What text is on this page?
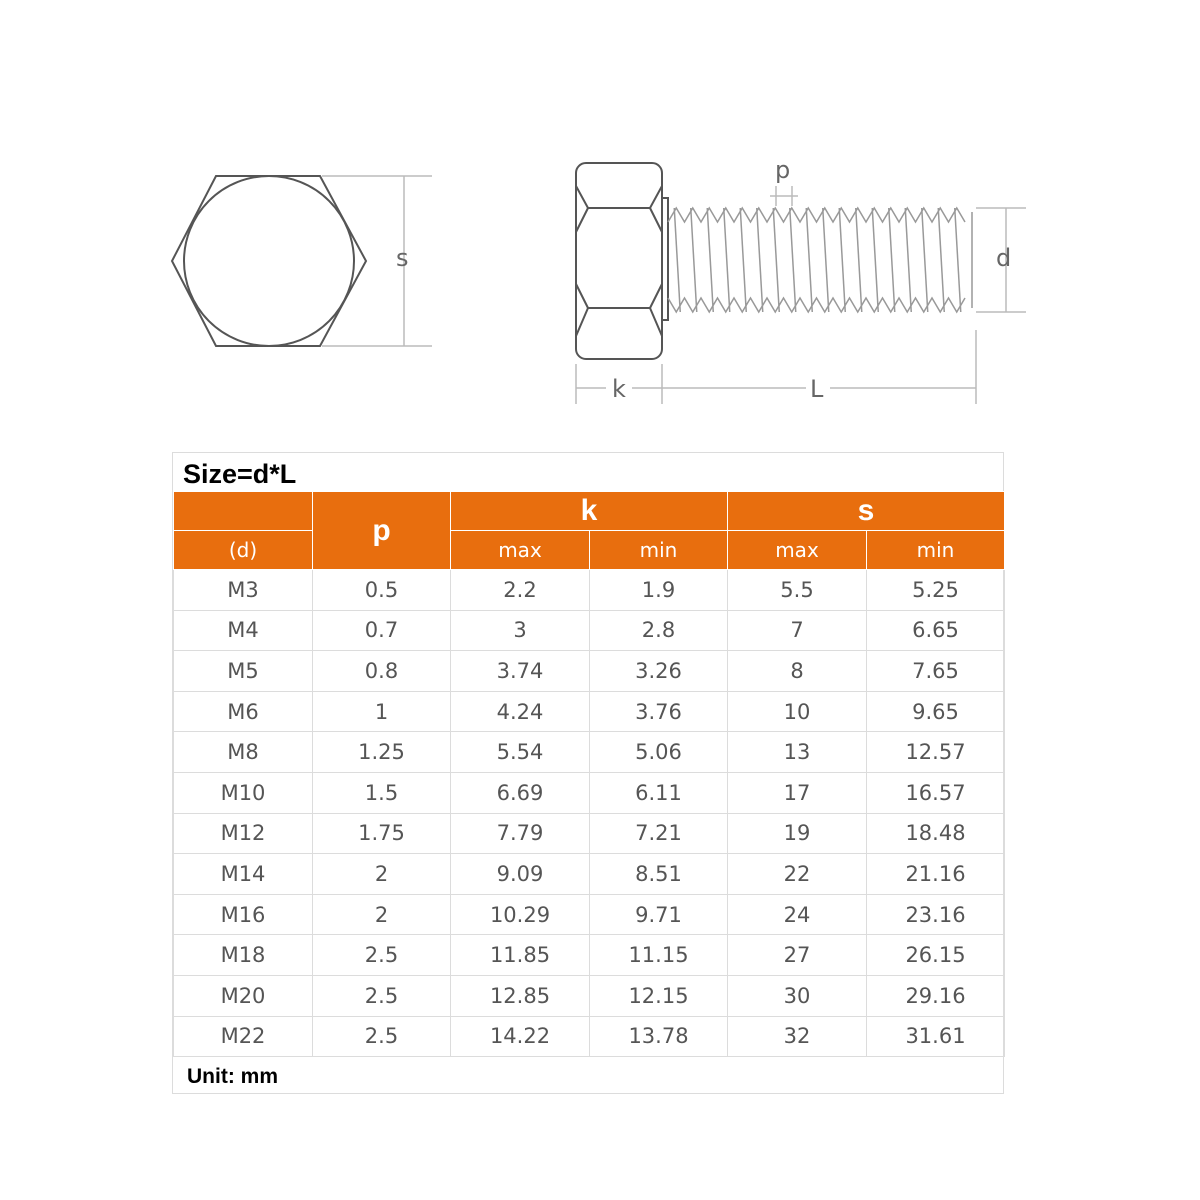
s
p
d
k	L
Size=d*L
	p	k		s	
(d)		max	min	max	min
M3	0.5	2.2	1.9	5.5	5.25
M4	0.7	3	2.8	7	6.65
M5	0.8	3.74	3.26	8	7.65
M6	1	4.24	3.76	10	9.65
M8	1.25	5.54	5.06	13	12.57
M10	1.5	6.69	6.11	17	16.57
M12	1.75	7.79	7.21	19	18.48
M14	2	9.09	8.51	22	21.16
M16	2	10.29	9.71	24	23.16
M18	2.5	11.85	11.15	27	26.15
M20	2.5	12.85	12.15	30	29.16
M22	2.5	14.22	13.78	32	31.61
Unit: mm
